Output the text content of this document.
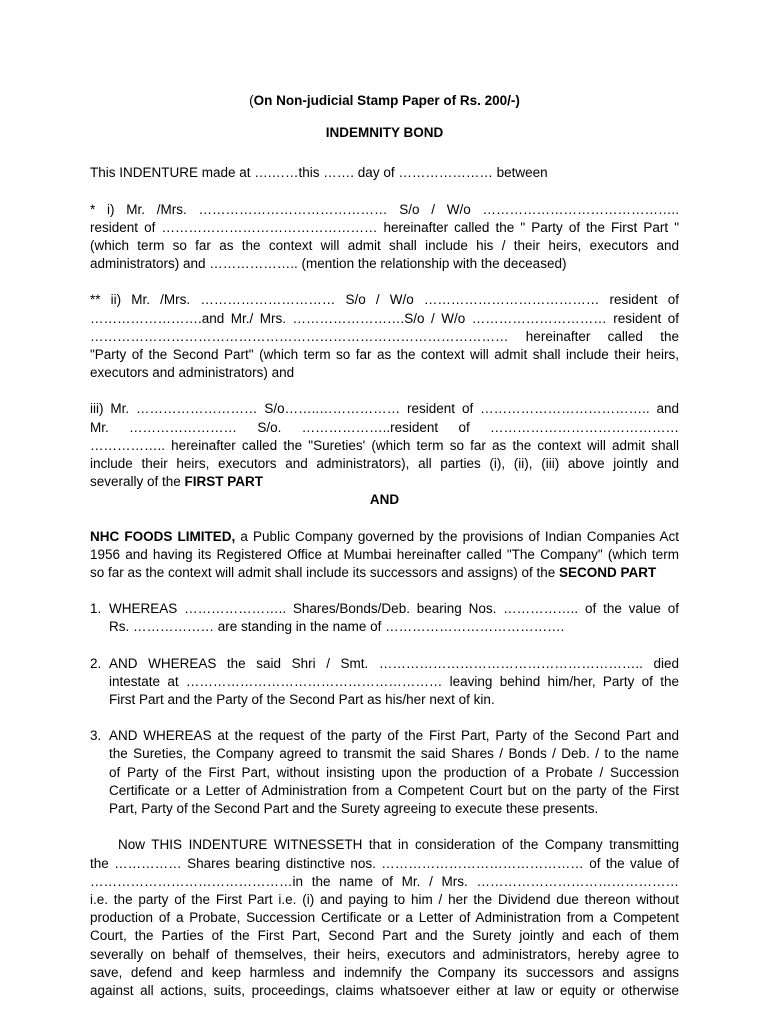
(On Non-judicial Stamp Paper of Rs. 200/-)
INDEMNITY BOND
This INDENTURE made at ….……this ……. day of ………………… between
* i) Mr. /Mrs. …………………………………… S/o / W/o ……………………………………..
resident of ………………………………………… hereinafter called the " Party of the First Part "
(which term so far as the context will admit shall include his / their heirs, executors and
administrators) and ……………….. (mention the relationship with the deceased)
** ii) Mr. /Mrs. ………………………… S/o / W/o ………………………………… resident of
…………………….and Mr./ Mrs. …………………….S/o / W/o ………………………… resident of
………………………………………………………………………………… hereinafter called the
"Party of the Second Part" (which term so far as the context will admit shall include their heirs,
executors and administrators) and
iii) Mr. ……………………… S/o……..……………… resident of ……………………………….. and
Mr. …………………… S/o. ………………..resident of ……………………………………
…………….. hereinafter called the "Sureties' (which term so far as the context will admit shall
include their heirs, executors and administrators), all parties (i), (ii), (iii) above jointly and
severally of the FIRST PART
AND
NHC FOODS LIMITED, a Public Company governed by the provisions of Indian Companies Act
1956 and having its Registered Office at Mumbai hereinafter called "The Company" (which term
so far as the context will admit shall include its successors and assigns) of the SECOND PART
1. WHEREAS ………………….. Shares/Bonds/Deb. bearing Nos. …………….. of the value of
Rs. ……………… are standing in the name of ………………………………….
2. AND WHEREAS the said Shri / Smt. ………………………………………………….. died
intestate at ………………………………………………… leaving behind him/her, Party of the
First Part and the Party of the Second Part as his/her next of kin.
3. AND WHEREAS at the request of the party of the First Part, Party of the Second Part and
the Sureties, the Company agreed to transmit the said Shares / Bonds / Deb. / to the name
of Party of the First Part, without insisting upon the production of a Probate / Succession
Certificate or a Letter of Administration from a Competent Court but on the party of the First
Part, Party of the Second Part and the Surety agreeing to execute these presents.
Now THIS INDENTURE WITNESSETH that in consideration of the Company transmitting
the …………… Shares bearing distinctive nos. ……………………………………… of the value of
………………………………………in the name of Mr. / Mrs. ………………………………………
i.e. the party of the First Part i.e. (i) and paying to him / her the Dividend due thereon without
production of a Probate, Succession Certificate or a Letter of Administration from a Competent
Court, the Parties of the First Part, Second Part and the Surety jointly and each of them
severally on behalf of themselves, their heirs, executors and administrators, hereby agree to
save, defend and keep harmless and indemnify the Company its successors and assigns
against all actions, suits, proceedings, claims whatsoever either at law or equity or otherwise
